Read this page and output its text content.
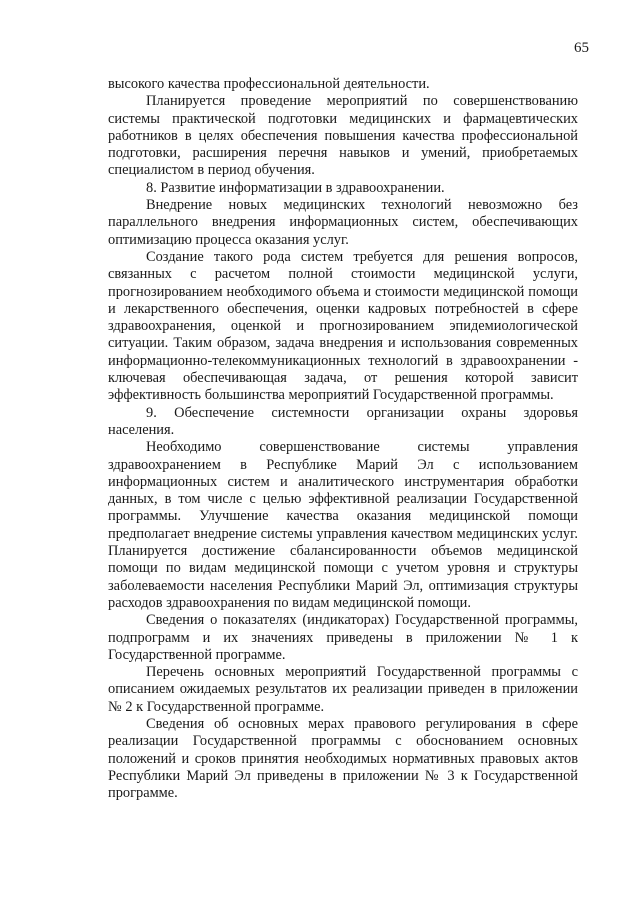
65

высокого качества профессиональной деятельности.

Планируется проведение мероприятий по совершенствованию системы практической подготовки медицинских и фармацевтических работников в целях обеспечения повышения качества профессиональной подготовки, расширения перечня навыков и умений, приобретаемых специалистом в период обучения.

8. Развитие информатизации в здравоохранении.

Внедрение новых медицинских технологий невозможно без параллельного внедрения информационных систем, обеспечивающих оптимизацию процесса оказания услуг.

Создание такого рода систем требуется для решения вопросов, связанных с расчетом полной стоимости медицинской услуги, прогнозированием необходимого объема и стоимости медицинской помощи и лекарственного обеспечения, оценки кадровых потребностей в сфере здравоохранения, оценкой и прогнозированием эпидемиологической ситуации. Таким образом, задача внедрения и использования современных информационно-телекоммуникационных технологий в здравоохранении - ключевая обеспечивающая задача, от решения которой зависит эффективность большинства мероприятий Государственной программы.

9. Обеспечение системности организации охраны здоровья населения.

Необходимо совершенствование системы управления здравоохранением в Республике Марий Эл с использованием информационных систем и аналитического инструментария обработки данных, в том числе с целью эффективной реализации Государственной программы. Улучшение качества оказания медицинской помощи предполагает внедрение системы управления качеством медицинских услуг. Планируется достижение сбалансированности объемов медицинской помощи по видам медицинской помощи с учетом уровня и структуры заболеваемости населения Республики Марий Эл, оптимизация структуры расходов здравоохранения по видам медицинской помощи.

Сведения о показателях (индикаторах) Государственной программы, подпрограмм и их значениях приведены в приложении № 1 к Государственной программе.

Перечень основных мероприятий Государственной программы с описанием ожидаемых результатов их реализации приведен в приложении № 2 к Государственной программе.

Сведения об основных мерах правового регулирования в сфере реализации Государственной программы с обоснованием основных положений и сроков принятия необходимых нормативных правовых актов Республики Марий Эл приведены в приложении № 3 к Государственной программе.
